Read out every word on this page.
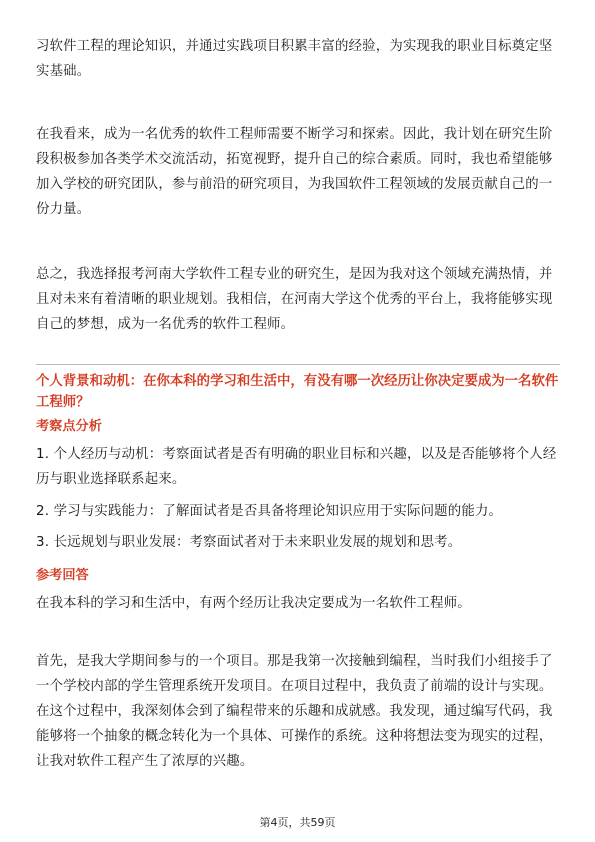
习软件工程的理论知识，并通过实践项目积累丰富的经验，为实现我的职业目标奠定坚实基础。

在我看来，成为一名优秀的软件工程师需要不断学习和探索。因此，我计划在研究生阶段积极参加各类学术交流活动，拓宽视野，提升自己的综合素质。同时，我也希望能够加入学校的研究团队，参与前沿的研究项目，为我国软件工程领域的发展贡献自己的一份力量。

总之，我选择报考河南大学软件工程专业的研究生，是因为我对这个领域充满热情，并且对未来有着清晰的职业规划。我相信，在河南大学这个优秀的平台上，我将能够实现自己的梦想，成为一名优秀的软件工程师。

个人背景和动机：在你本科的学习和生活中，有没有哪一次经历让你决定要成为一名软件工程师？

考察点分析

1. 个人经历与动机：考察面试者是否有明确的职业目标和兴趣，以及是否能够将个人经历与职业选择联系起来。

2. 学习与实践能力：了解面试者是否具备将理论知识应用于实际问题的能力。

3. 长远规划与职业发展：考察面试者对于未来职业发展的规划和思考。

参考回答

在我本科的学习和生活中，有两个经历让我决定要成为一名软件工程师。

首先，是我大学期间参与的一个项目。那是我第一次接触到编程，当时我们小组接手了一个学校内部的学生管理系统开发项目。在项目过程中，我负责了前端的设计与实现。在这个过程中，我深刻体会到了编程带来的乐趣和成就感。我发现，通过编写代码，我能够将一个抽象的概念转化为一个具体、可操作的系统。这种将想法变为现实的过程，让我对软件工程产生了浓厚的兴趣。

第4页，共59页
